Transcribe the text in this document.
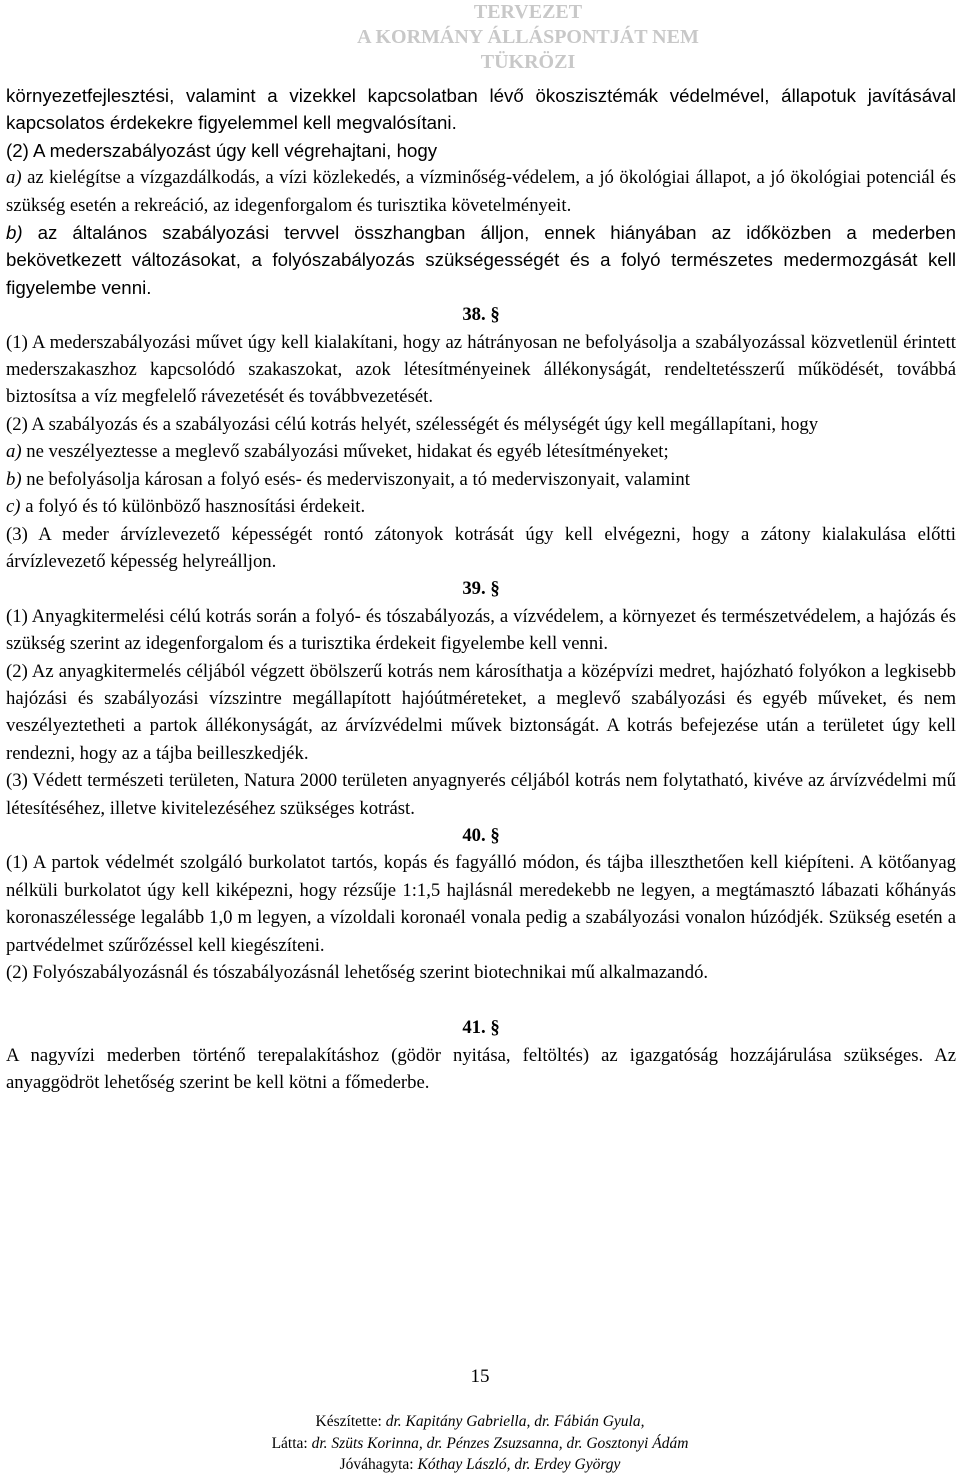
TERVEZET
A KORMÁNY ÁLLÁSPONTJÁT NEM TÜKRÖZI

környezetfejlesztési, valamint a vizekkel kapcsolatban lévő ökoszisztémák védelmével, állapotuk javításával kapcsolatos érdekekre figyelemmel kell megvalósítani.

(2) A mederszabályozást úgy kell végrehajtani, hogy

a) az kielégítse a vízgazdálkodás, a vízi közlekedés, a vízminőség-védelem, a jó ökológiai állapot, a jó ökológiai potenciál és szükség esetén a rekreáció, az idegenforgalom és turisztika követelményeit.

b) az általános szabályozási tervvel összhangban álljon, ennek hiányában az időközben a mederben bekövetkezett változásokat, a folyószabályozás szükségességét és a folyó természetes medermozgását kell figyelembe venni.

38. §

(1) A mederszabályozási művet úgy kell kialakítani, hogy az hátrányosan ne befolyásolja a szabályozással közvetlenül érintett mederszakaszhoz kapcsolódó szakaszokat, azok létesítményeinek állékonyságát, rendeltetésszerű működését, továbbá biztosítsa a víz megfelelő rávezetését és továbbvezetését.

(2) A szabályozás és a szabályozási célú kotrás helyét, szélességét és mélységét úgy kell megállapítani, hogy

a) ne veszélyeztesse a meglevő szabályozási műveket, hidakat és egyéb létesítményeket;

b) ne befolyásolja károsan a folyó esés- és mederviszonyait, a tó mederviszonyait, valamint

c) a folyó és tó különböző hasznosítási érdekeit.

(3) A meder árvízlevezető képességét rontó zátonyok kotrását úgy kell elvégezni, hogy a zátony kialakulása előtti árvízlevezető képesség helyreálljon.

39. §

(1) Anyagkitermelési célú kotrás során a folyó- és tószabályozás, a vízvédelem, a környezet és természetvédelem, a hajózás és szükség szerint az idegenforgalom és a turisztika érdekeit figyelembe kell venni.

(2) Az anyagkitermelés céljából végzett öbölszerű kotrás nem károsíthatja a középvízi medret, hajózható folyókon a legkisebb hajózási és szabályozási vízszintre megállapított hajóútméreteket, a meglevő szabályozási és egyéb műveket, és nem veszélyeztetheti a partok állékonyságát, az árvízvédelmi művek biztonságát. A kotrás befejezése után a területet úgy kell rendezni, hogy az a tájba beilleszkedjék.

(3) Védett természeti területen, Natura 2000 területen anyagnyerés céljából kotrás nem folytatható, kivéve az árvízvédelmi mű létesítéséhez, illetve kivitelezéséhez szükséges kotrást.

40. §

(1) A partok védelmét szolgáló burkolatot tartós, kopás és fagyálló módon, és tájba illeszthetően kell kiépíteni. A kötőanyag nélküli burkolatot úgy kell kiképezni, hogy rézsűje 1:1,5 hajlásnál meredekebb ne legyen, a megtámasztó lábazati kőhányás koronaszélessége legalább 1,0 m legyen, a vízoldali koronaél vonala pedig a szabályozási vonalon húzódjék. Szükség esetén a partvédelmet szűrőzéssel kell kiegészíteni.

(2) Folyószabályozásnál és tószabályozásnál lehetőség szerint biotechnikai mű alkalmazandó.

41. §

A nagyvízi mederben történő terepalakításhoz (gödör nyitása, feltöltés) az igazgatóság hozzájárulása szükséges. Az anyaggödröt lehetőség szerint be kell kötni a főmederbe.

15
Készítette: dr. Kapitány Gabriella, dr. Fábián Gyula,
Látta: dr. Szüts Korinna, dr. Pénzes Zsuzsanna, dr. Gosztonyi Ádám
Jóváhagyta: Kóthay László, dr. Erdey György
